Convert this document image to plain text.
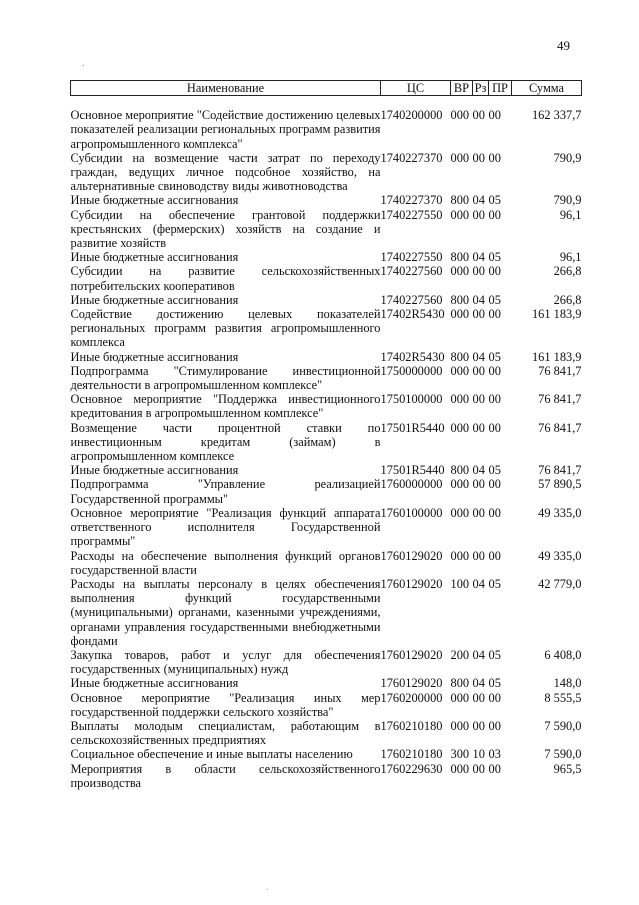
49
.
.
Наименование	ЦС	ВР	Рз	ПР	Сумма
Основное мероприятие "Содействие достижению целевых показателей реализации региональных программ развития агропромышленного комплекса"	1740200000	000	00	00	162 337,7
Субсидии на возмещение части затрат по переходу граждан, ведущих личное подсобное хозяйство, на альтернативные свиноводству виды животноводства	1740227370	000	00	00	790,9
Иные бюджетные ассигнования	1740227370	800	04	05	790,9
Субсидии на обеспечение грантовой поддержки крестьянских (фермерских) хозяйств на создание и развитие хозяйств	1740227550	000	00	00	96,1
Иные бюджетные ассигнования	1740227550	800	04	05	96,1
Субсидии на развитие сельскохозяйственных потребительских кооперативов	1740227560	000	00	00	266,8
Иные бюджетные ассигнования	1740227560	800	04	05	266,8
Содействие достижению целевых показателей региональных программ развития агропромышленного комплекса	17402R5430	000	00	00	161 183,9
Иные бюджетные ассигнования	17402R5430	800	04	05	161 183,9
Подпрограмма "Стимулирование инвестиционной деятельности в агропромышленном комплексе"	1750000000	000	00	00	76 841,7
Основное мероприятие "Поддержка инвестиционного кредитования в агропромышленном комплексе"	1750100000	000	00	00	76 841,7
Возмещение части процентной ставки по инвестиционным кредитам (займам) в агропромышленном комплексе	17501R5440	000	00	00	76 841,7
Иные бюджетные ассигнования	17501R5440	800	04	05	76 841,7
Подпрограмма "Управление реализацией Государственной программы"	1760000000	000	00	00	57 890,5
Основное мероприятие "Реализация функций аппарата ответственного исполнителя Государственной программы"	1760100000	000	00	00	49 335,0
Расходы на обеспечение выполнения функций органов государственной власти	1760129020	000	00	00	49 335,0
Расходы на выплаты персоналу в целях обеспечения выполнения функций государственными (муниципальными) органами, казенными учреждениями, органами управления государственными внебюджетными фондами	1760129020	100	04	05	42 779,0
Закупка товаров, работ и услуг для обеспечения государственных (муниципальных) нужд	1760129020	200	04	05	6 408,0
Иные бюджетные ассигнования	1760129020	800	04	05	148,0
Основное мероприятие "Реализация иных мер государственной поддержки сельского хозяйства"	1760200000	000	00	00	8 555,5
Выплаты молодым специалистам, работающим в сельскохозяйственных предприятиях	1760210180	000	00	00	7 590,0
Социальное обеспечение и иные выплаты населению	1760210180	300	10	03	7 590,0
Мероприятия в области сельскохозяйственного производства	1760229630	000	00	00	965,5
